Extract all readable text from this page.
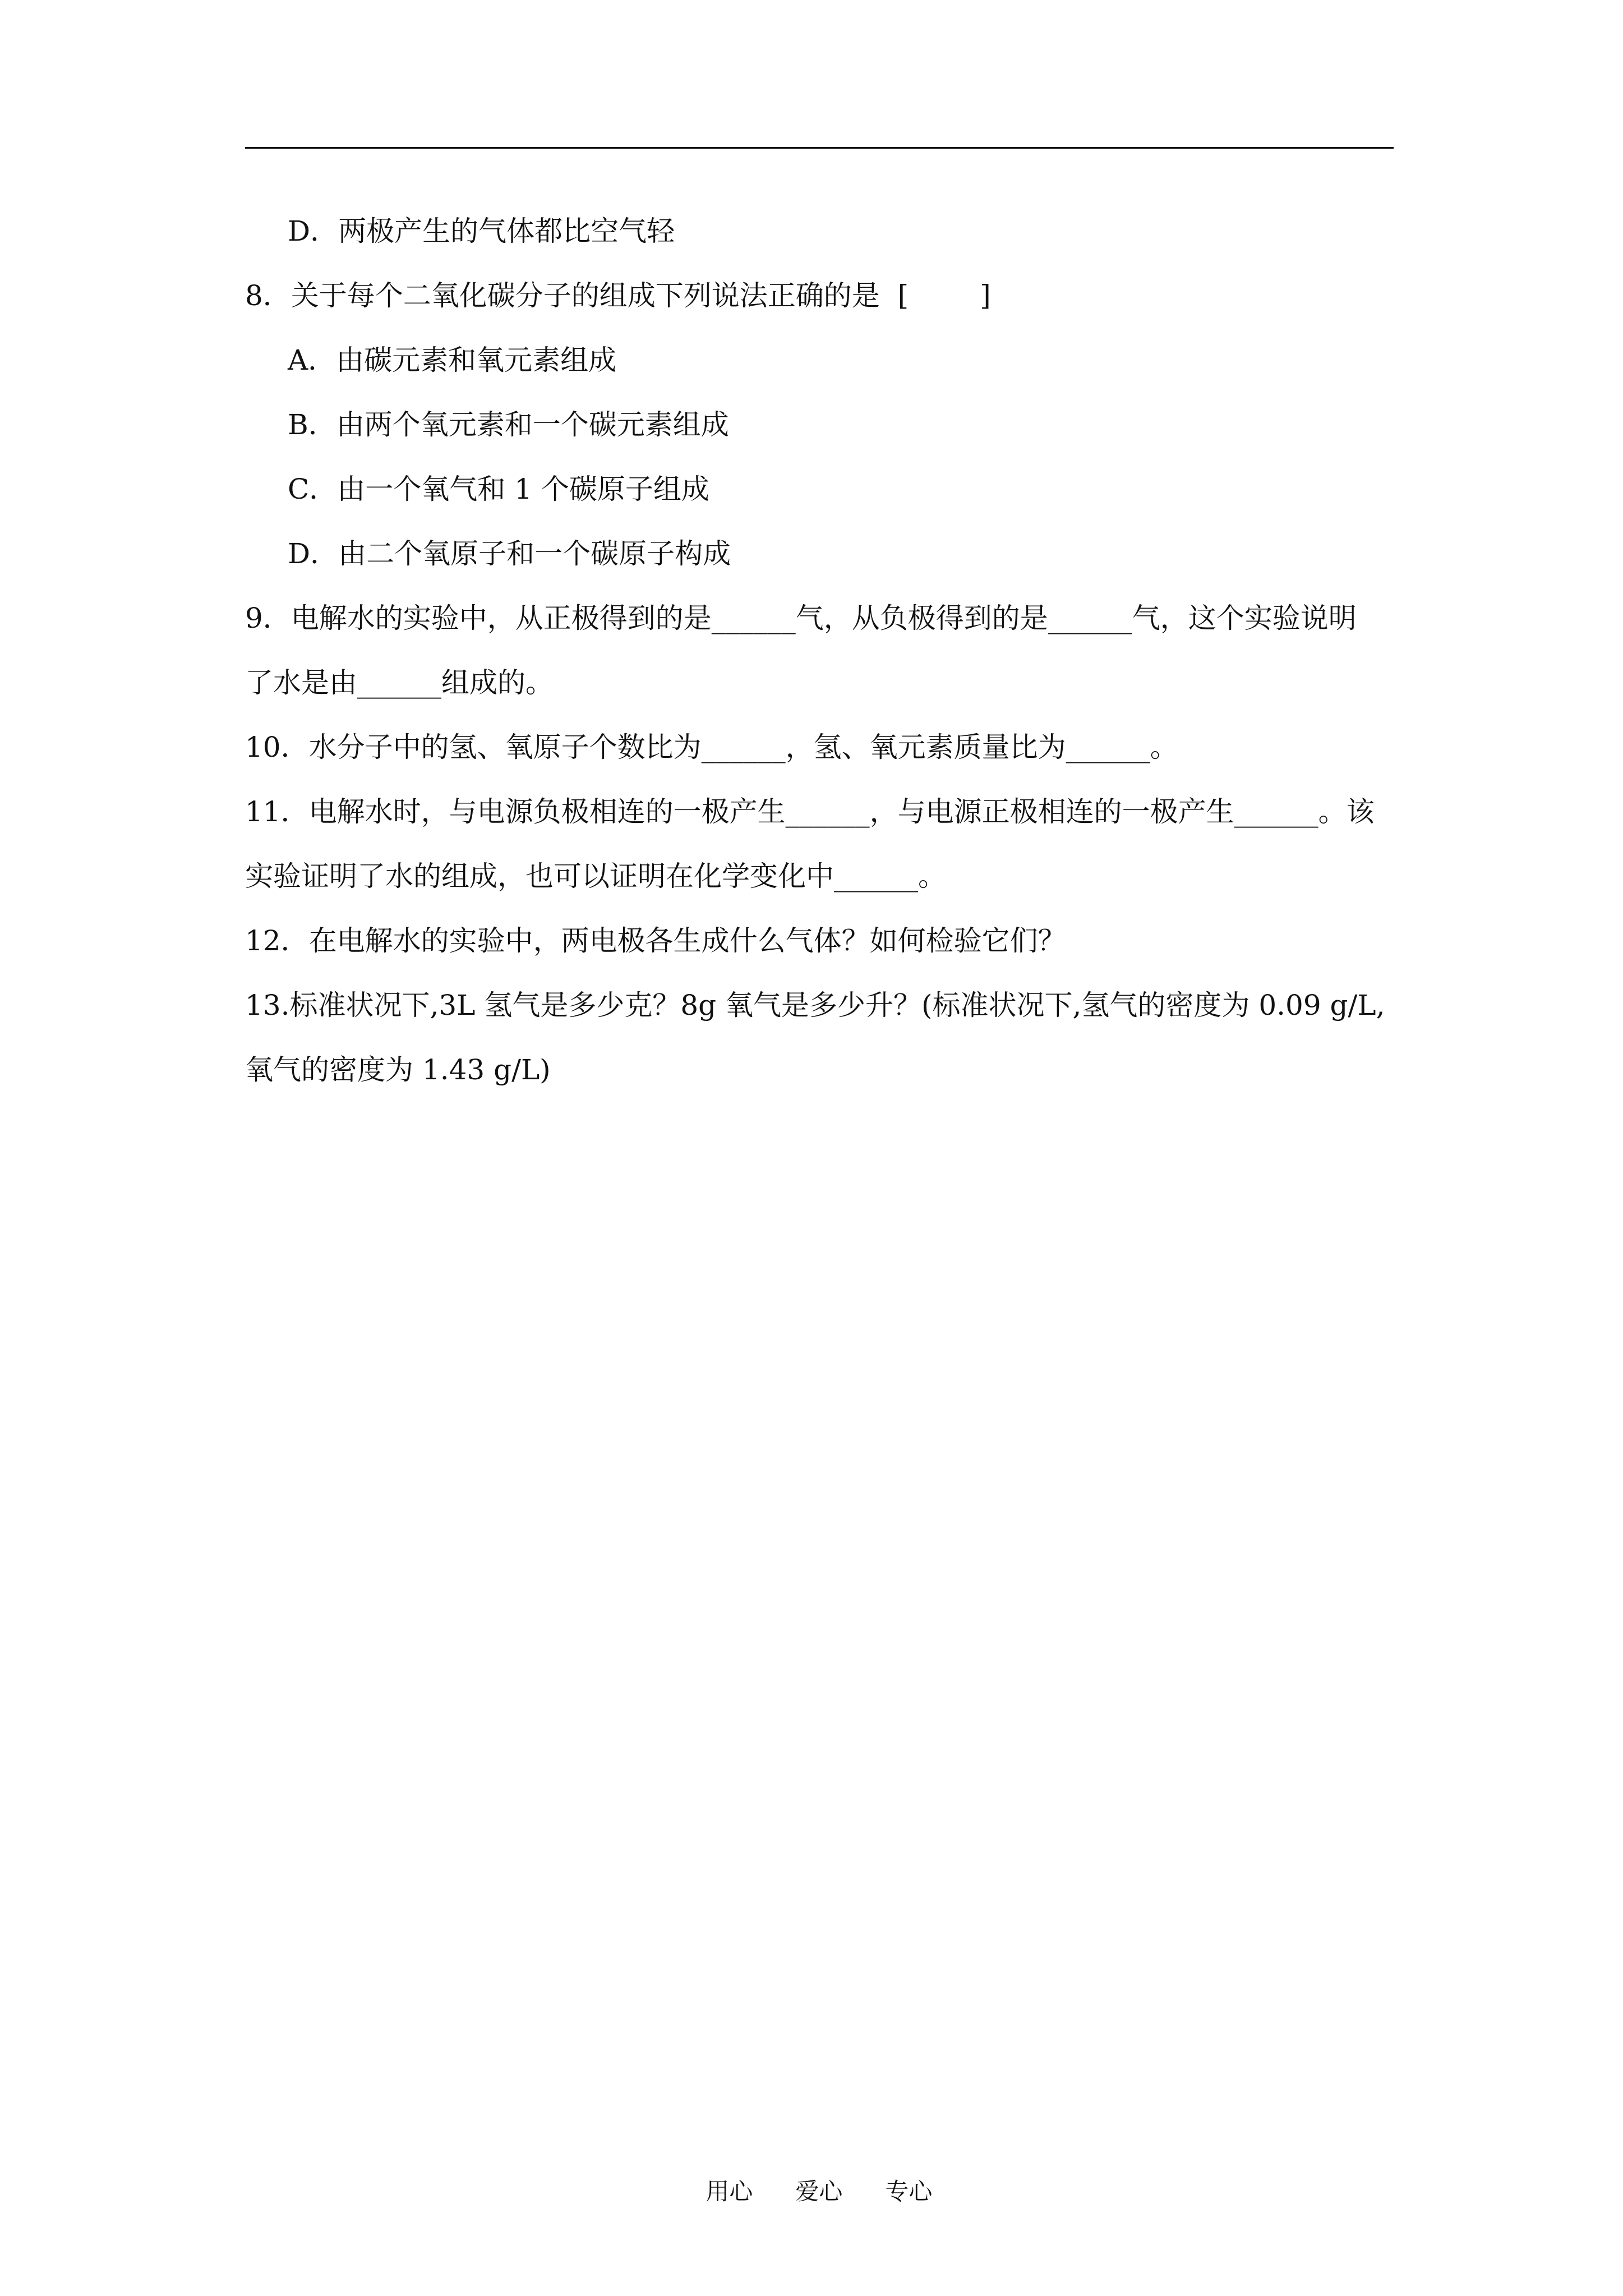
D．两极产生的气体都比空气轻
8．关于每个二氧化碳分子的组成下列说法正确的是  [        ]
A．由碳元素和氧元素组成
B．由两个氧元素和一个碳元素组成
C．由一个氧气和 1 个碳原子组成
D．由二个氧原子和一个碳原子构成
9．电解水的实验中，从正极得到的是______气，从负极得到的是______气，这个实验说明
了水是由______组成的。
10．水分子中的氢、氧原子个数比为______，氢、氧元素质量比为______。
11．电解水时，与电源负极相连的一极产生______，与电源正极相连的一极产生______。该
实验证明了水的组成，也可以证明在化学变化中______。
12．在电解水的实验中，两电极各生成什么气体？如何检验它们？
13.标准状况下,3L 氢气是多少克？8g 氧气是多少升？(标准状况下,氢气的密度为 0.09 g/L,
氧气的密度为 1.43 g/L)

用心 爱心 专心
